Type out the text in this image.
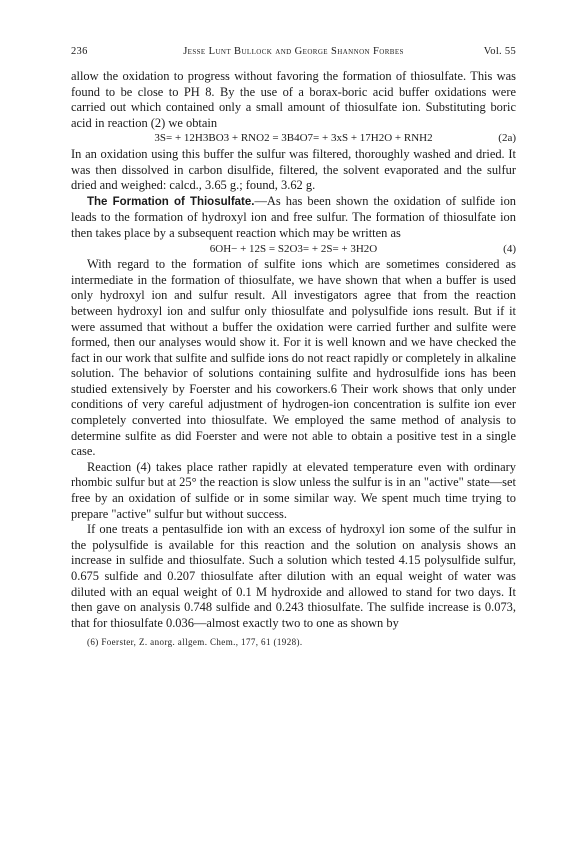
236	Jesse Lunt Bullock and George Shannon Forbes	Vol. 55

allow the oxidation to progress without favoring the formation of thiosulfate. This was found to be close to PH 8. By the use of a borax-boric acid buffer oxidations were carried out which contained only a small amount of thiosulfate ion. Substituting boric acid in reaction (2) we obtain

3S= + 12H3BO3 + RNO2 = 3B4O7= + 3xS + 17H2O + RNH2	(2a)

In an oxidation using this buffer the sulfur was filtered, thoroughly washed and dried. It was then dissolved in carbon disulfide, filtered, the solvent evaporated and the sulfur dried and weighed: calcd., 3.65 g.; found, 3.62 g.

The Formation of Thiosulfate.—As has been shown the oxidation of sulfide ion leads to the formation of hydroxyl ion and free sulfur. The formation of thiosulfate ion then takes place by a subsequent reaction which may be written as

6OH− + 12S = S2O3= + 2S= + 3H2O	(4)

With regard to the formation of sulfite ions which are sometimes considered as intermediate in the formation of thiosulfate, we have shown that when a buffer is used only hydroxyl ion and sulfur result. All investigators agree that from the reaction between hydroxyl ion and sulfur only thiosulfate and polysulfide ions result. But if it were assumed that without a buffer the oxidation were carried further and sulfite were formed, then our analyses would show it. For it is well known and we have checked the fact in our work that sulfite and sulfide ions do not react rapidly or completely in alkaline solution. The behavior of solutions containing sulfite and hydrosulfide ions has been studied extensively by Foerster and his coworkers.6 Their work shows that only under conditions of very careful adjustment of hydrogen-ion concentration is sulfite ion ever completely converted into thiosulfate. We employed the same method of analysis to determine sulfite as did Foerster and were not able to obtain a positive test in a single case.

Reaction (4) takes place rather rapidly at elevated temperature even with ordinary rhombic sulfur but at 25° the reaction is slow unless the sulfur is in an "active" state—set free by an oxidation of sulfide or in some similar way. We spent much time trying to prepare "active" sulfur but without success.

If one treats a pentasulfide ion with an excess of hydroxyl ion some of the sulfur in the polysulfide is available for this reaction and the solution on analysis shows an increase in sulfide and thiosulfate. Such a solution which tested 4.15 polysulfide sulfur, 0.675 sulfide and 0.207 thiosulfate after dilution with an equal weight of water was diluted with an equal weight of 0.1 M hydroxide and allowed to stand for two days. It then gave on analysis 0.748 sulfide and 0.243 thiosulfate. The sulfide increase is 0.073, that for thiosulfate 0.036—almost exactly two to one as shown by

(6) Foerster, Z. anorg. allgem. Chem., 177, 61 (1928).
